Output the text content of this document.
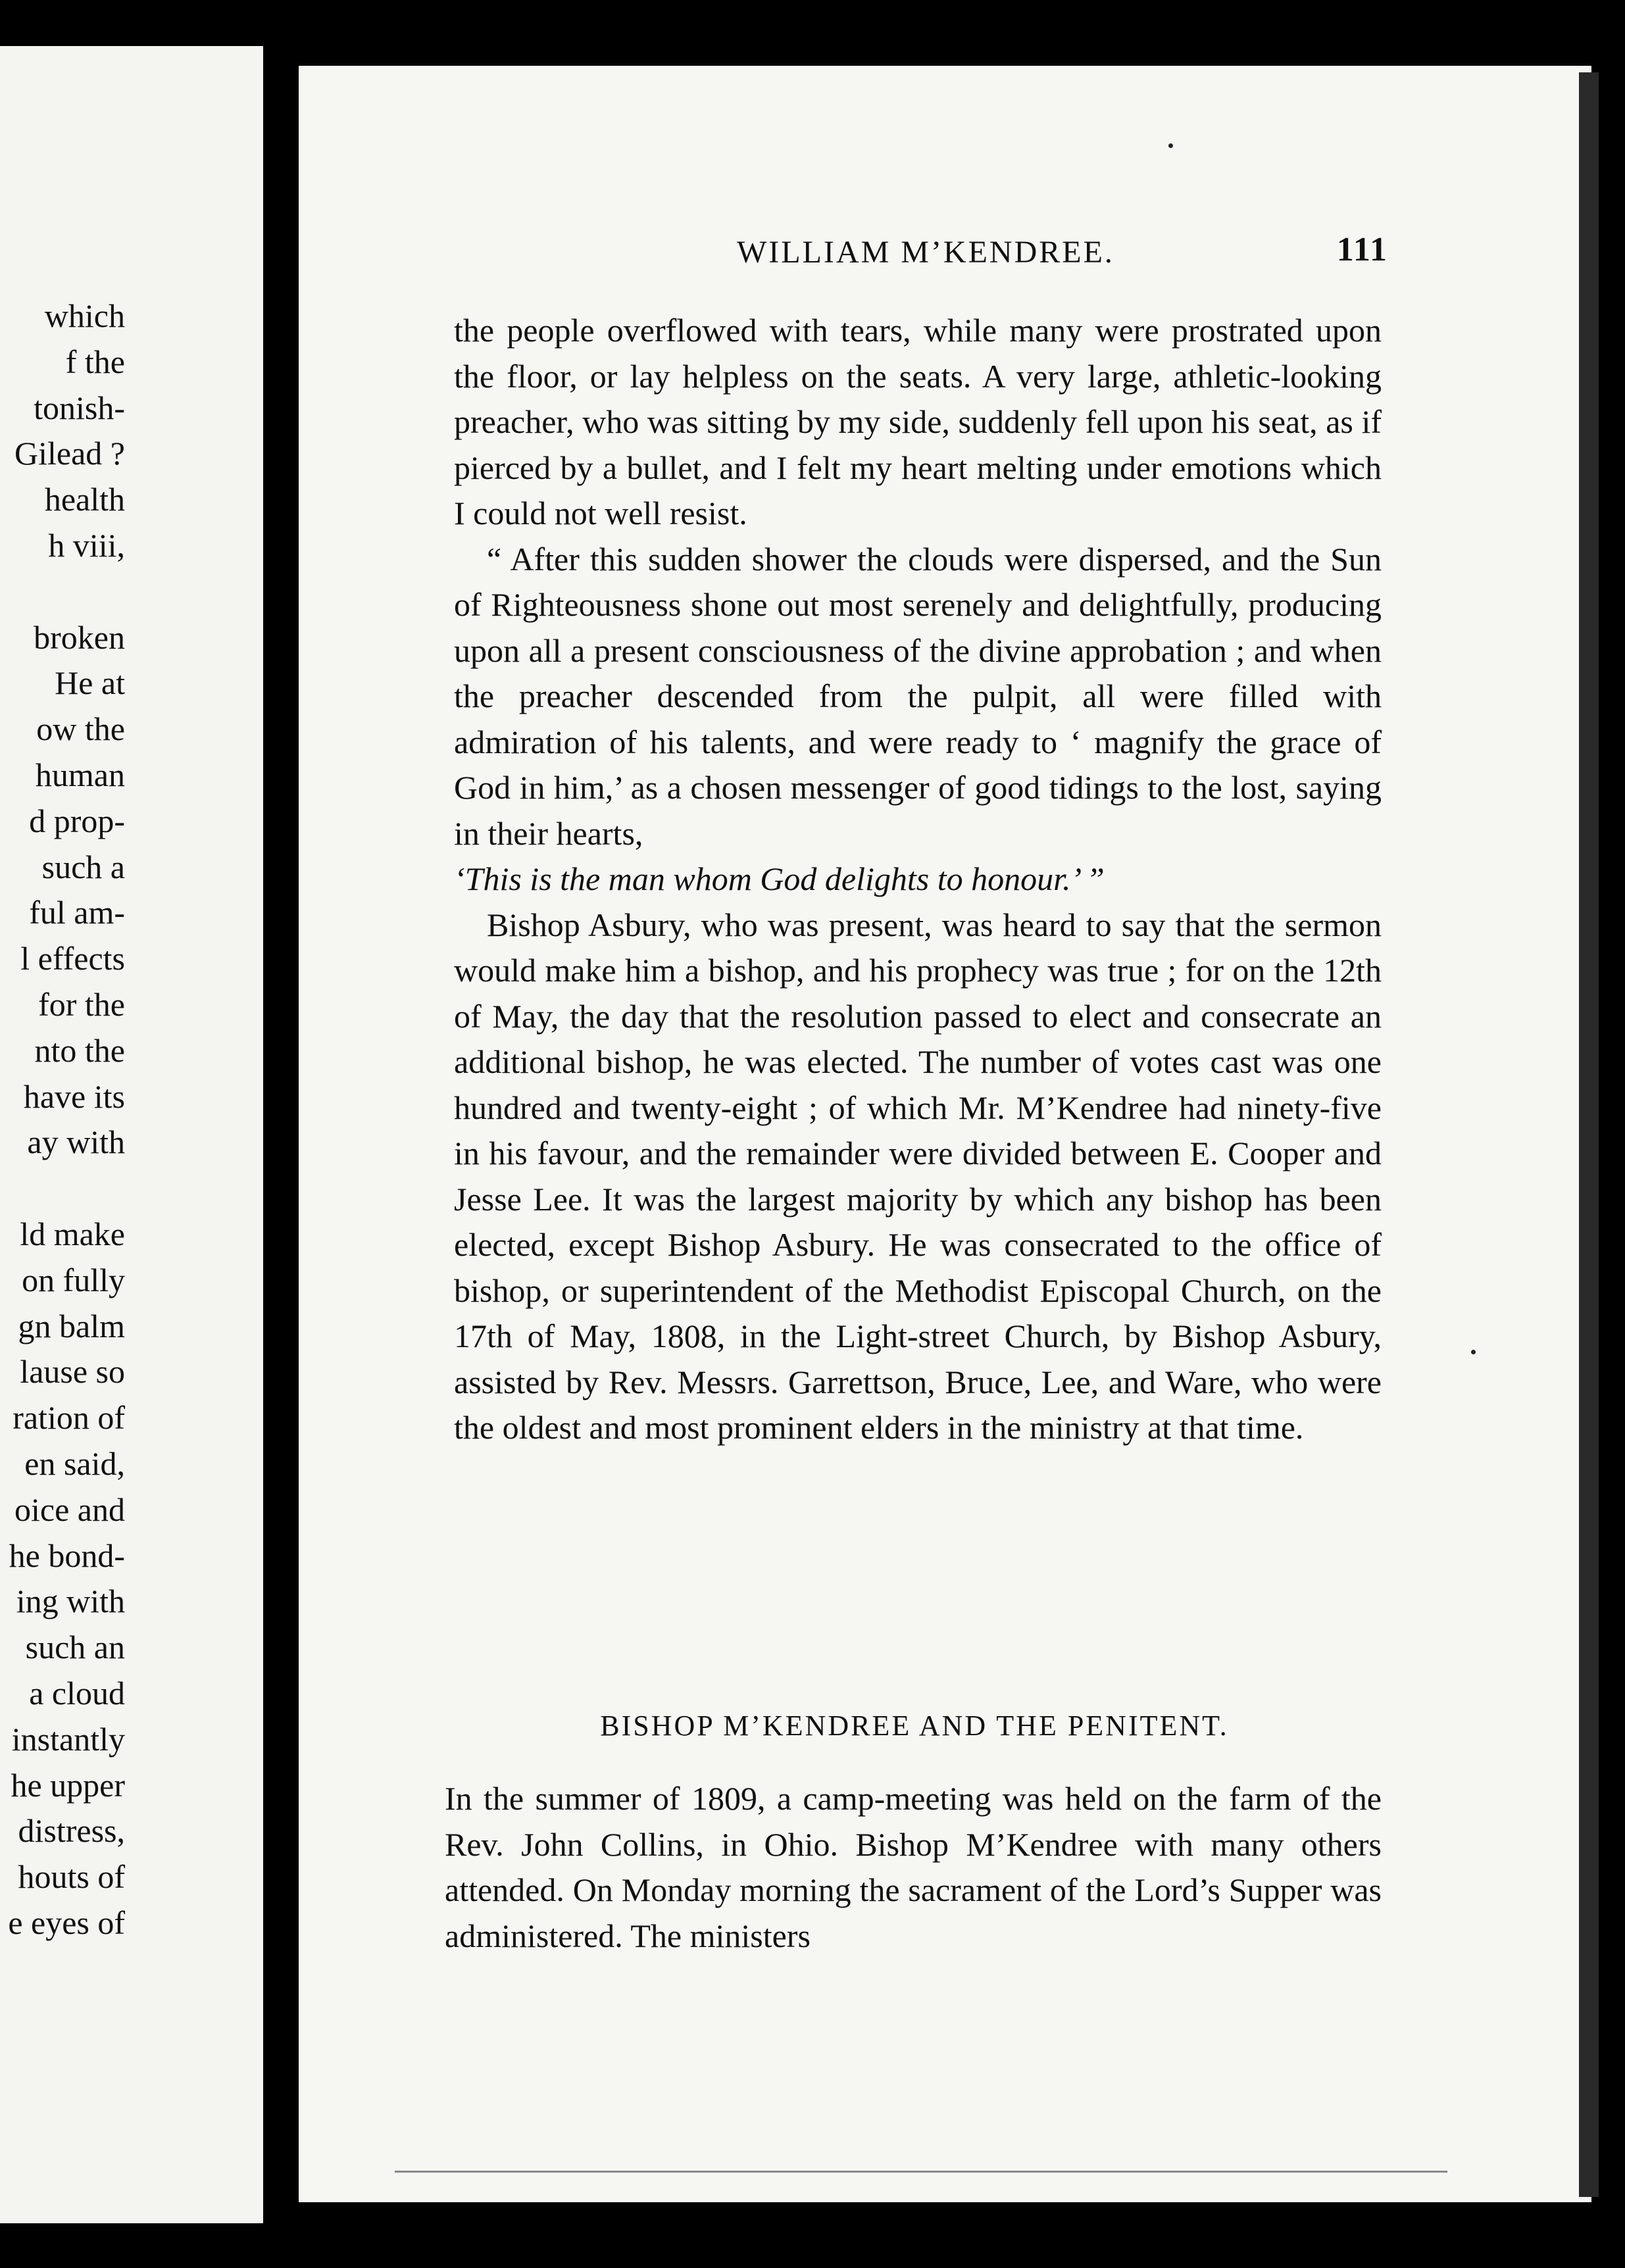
which
f the
tonish-
Gilead ?
health
h viii,

broken
He at
ow the
human
d prop-
such a
ful am-
l effects
for the
nto the
have its
ay with

ld make
on fully
gn balm
lause so
ration of
en said,
oice and
he bond-
ing with
such an
a cloud
instantly
he upper
distress,
houts of
e eyes of
WILLIAM M’KENDREE.	111

the people overflowed with tears, while many were prostrated upon the floor, or lay helpless on the seats. A very large, athletic-looking preacher, who was sitting by my side, suddenly fell upon his seat, as if pierced by a bullet, and I felt my heart melting under emotions which I could not well resist.

“ After this sudden shower the clouds were dispersed, and the Sun of Righteousness shone out most serenely and delightfully, producing upon all a present consciousness of the divine approbation ; and when the preacher descended from the pulpit, all were filled with admiration of his talents, and were ready to ‘ magnify the grace of God in him,’ as a chosen messenger of good tidings to the lost, saying in their hearts,
‘This is the man whom God delights to honour.’ ”

Bishop Asbury, who was present, was heard to say that the sermon would make him a bishop, and his prophecy was true ; for on the 12th of May, the day that the resolution passed to elect and consecrate an additional bishop, he was elected. The number of votes cast was one hundred and twenty-eight ; of which Mr. M’Kendree had ninety-five in his favour, and the remainder were divided between E. Cooper and Jesse Lee. It was the largest majority by which any bishop has been elected, except Bishop Asbury. He was consecrated to the office of bishop, or superintendent of the Methodist Episcopal Church, on the 17th of May, 1808, in the Light-street Church, by Bishop Asbury, assisted by Rev. Messrs. Garrettson, Bruce, Lee, and Ware, who were the oldest and most prominent elders in the ministry at that time.

BISHOP M’KENDREE AND THE PENITENT.

In the summer of 1809, a camp-meeting was held on the farm of the Rev. John Collins, in Ohio. Bishop M’Kendree with many others attended. On Monday morning the sacrament of the Lord’s Supper was administered. The ministers
